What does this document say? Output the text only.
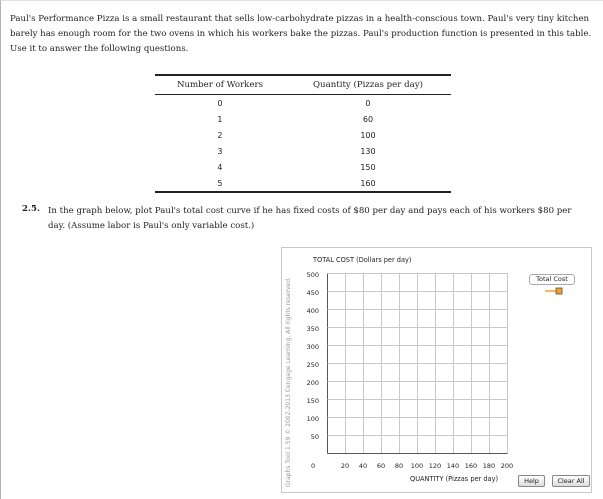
Paul's Performance Pizza is a small restaurant that sells low-carbohydrate pizzas in a health-conscious town. Paul's very tiny kitchen barely has enough room for the two ovens in which his workers bake the pizzas. Paul's production function is presented in this table. Use it to answer the following questions.

Number of Workers	Quantity (Pizzas per day)
0	0
1	60
2	100
3	130
4	150
5	160
2.5. In the graph below, plot Paul's total cost curve if he has fixed costs of $80 per day and pays each of his workers $80 per day. (Assume labor is Paul's only variable cost.)

Graphs Tool 1.59 © 2002-2013 Cengage Learning. All rights reserved.
TOTAL COST (Dollars per day)
500
450
400
350
300
250
200
150
100
50
0	20	40	60	80	100 120 140 160 180 200
QUANTITY (Pizzas per day)
Total Cost
Help	Clear All
